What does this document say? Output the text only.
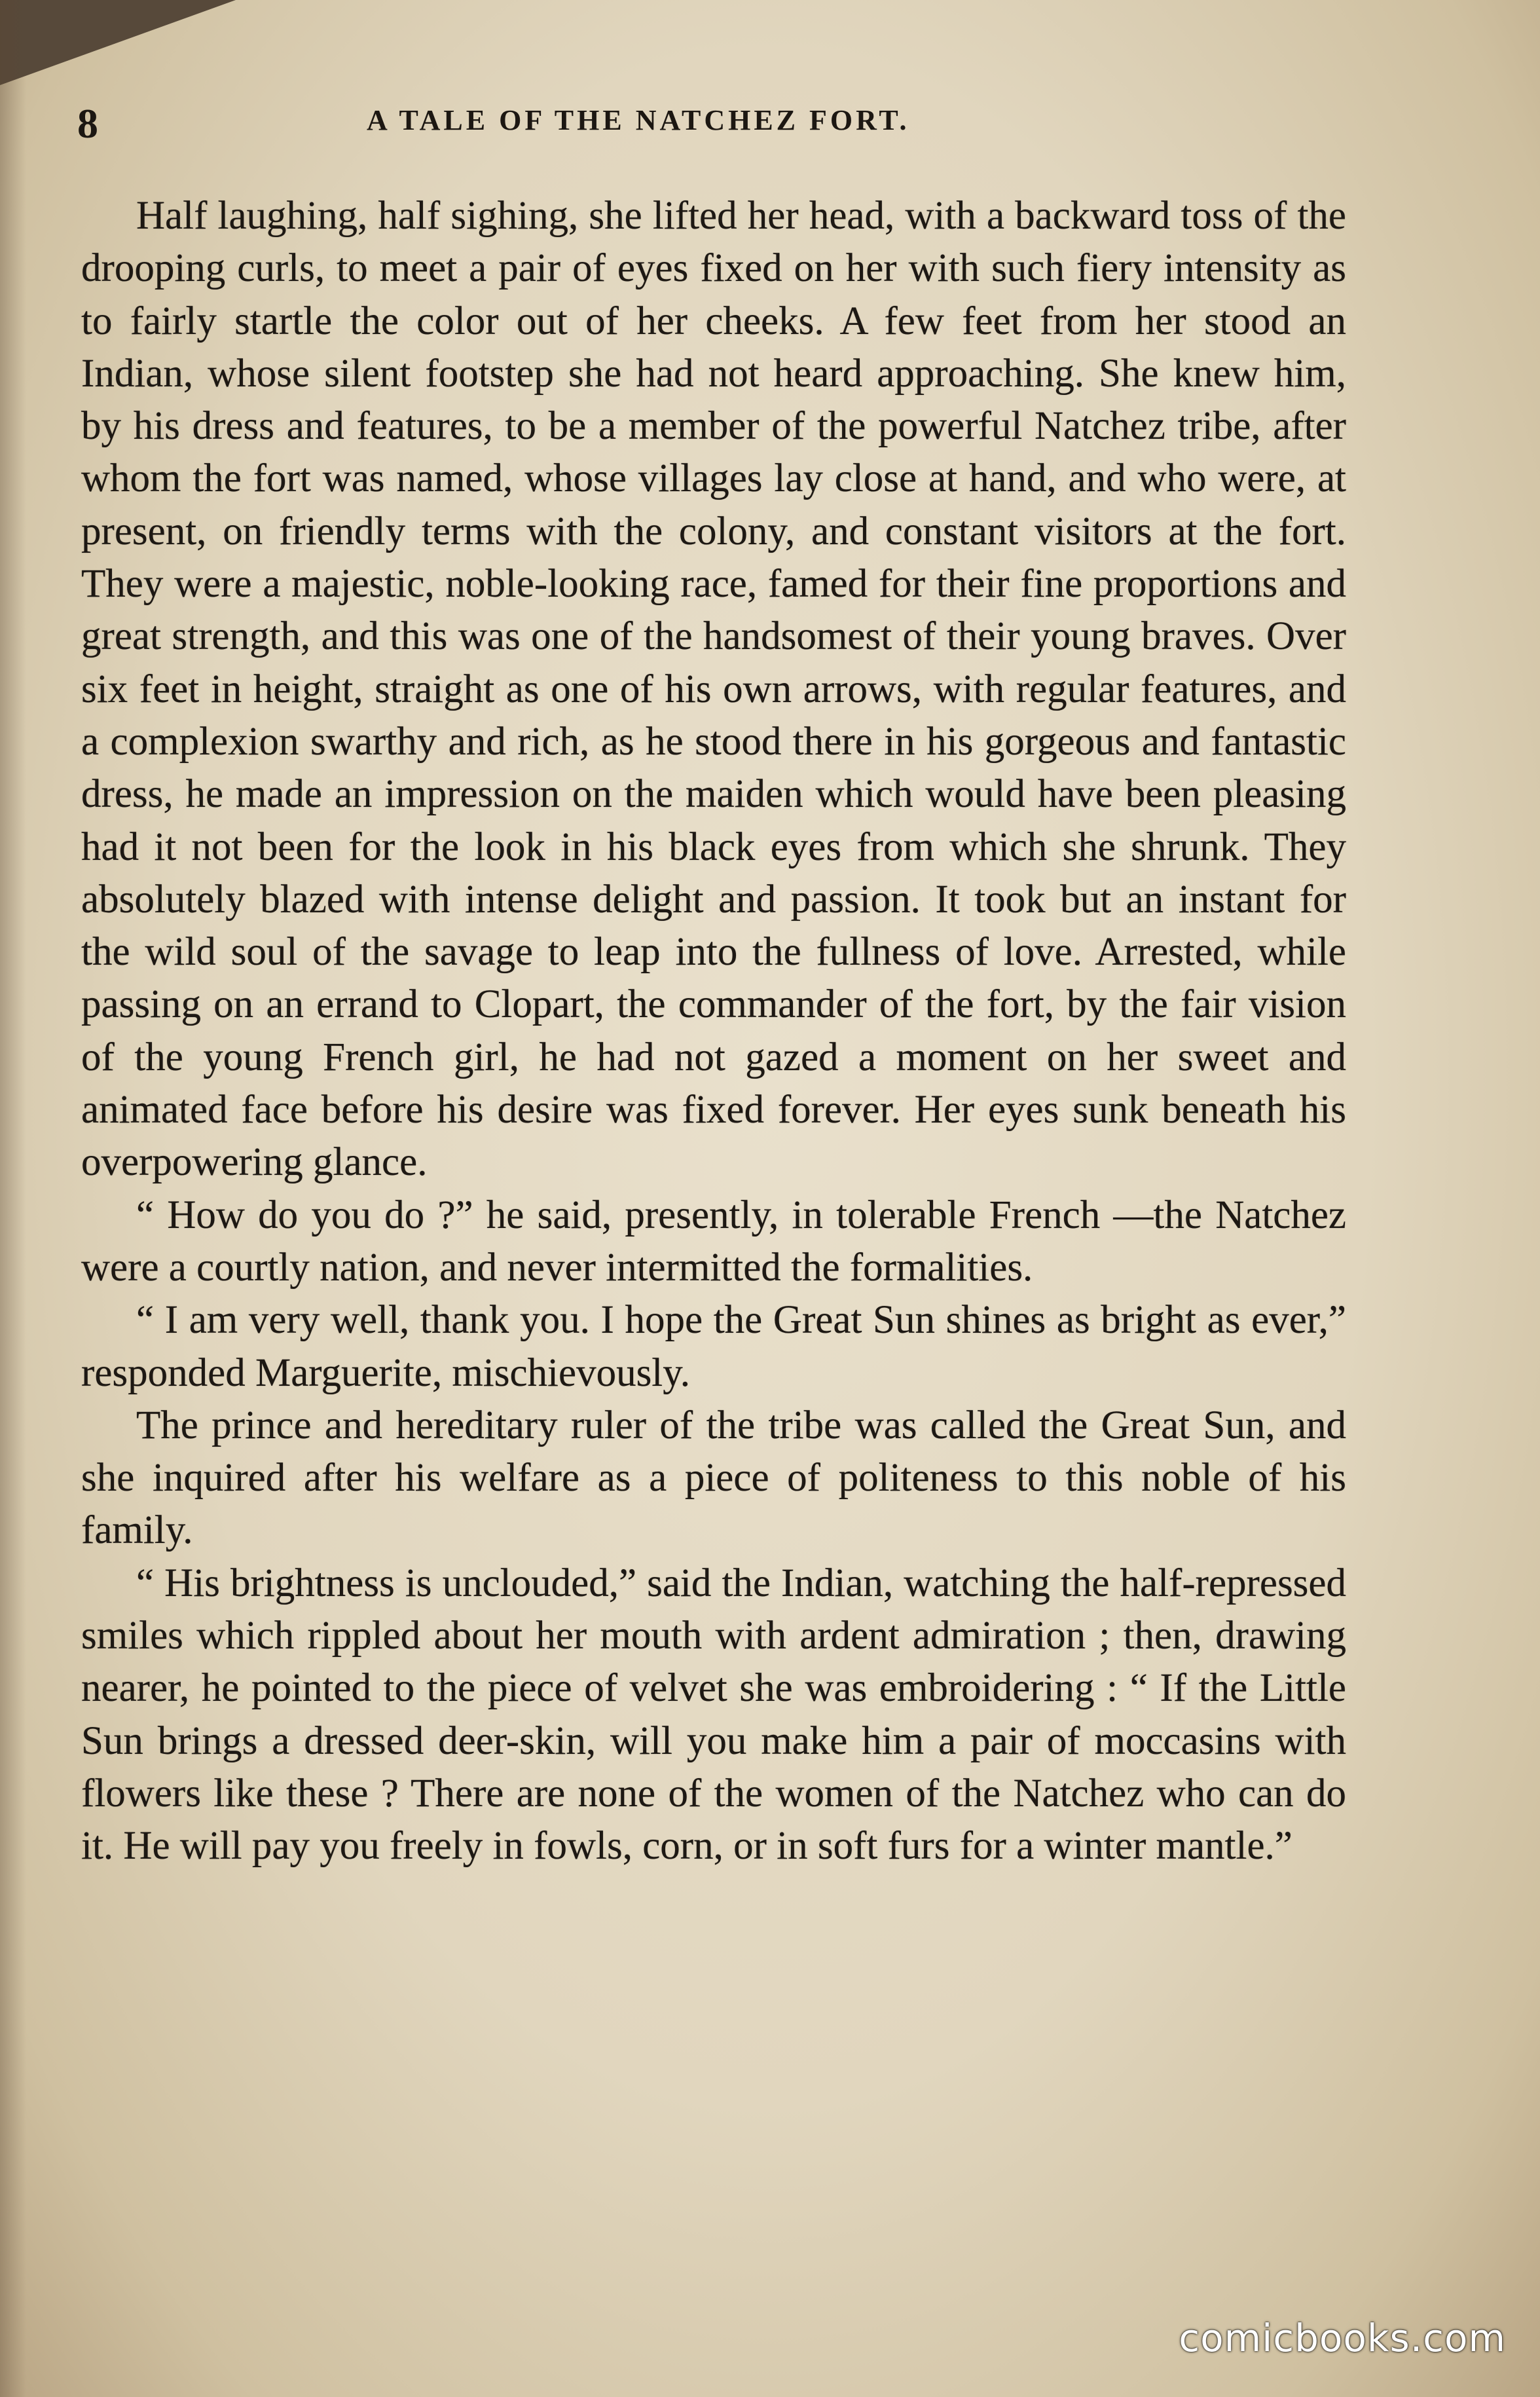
8	A TALE OF THE NATCHEZ FORT.

Half laughing, half sighing, she lifted her head, with a backward toss of the drooping curls, to meet a pair of eyes fixed on her with such fiery intensity as to fairly startle the color out of her cheeks. A few feet from her stood an Indian, whose silent footstep she had not heard approaching. She knew him, by his dress and features, to be a member of the powerful Natchez tribe, after whom the fort was named, whose villages lay close at hand, and who were, at present, on friendly terms with the colony, and constant visitors at the fort. They were a majestic, noble-looking race, famed for their fine proportions and great strength, and this was one of the handsomest of their young braves. Over six feet in height, straight as one of his own arrows, with regular features, and a complexion swarthy and rich, as he stood there in his gorgeous and fantastic dress, he made an impression on the maiden which would have been pleasing had it not been for the look in his black eyes from which she shrunk. They absolutely blazed with intense delight and passion. It took but an instant for the wild soul of the savage to leap into the fullness of love. Arrested, while passing on an errand to Clopart, the commander of the fort, by the fair vision of the young French girl, he had not gazed a moment on her sweet and animated face before his desire was fixed forever. Her eyes sunk beneath his overpowering glance.

“ How do you do ?” he said, presently, in tolerable French —the Natchez were a courtly nation, and never intermitted the formalities.

“ I am very well, thank you. I hope the Great Sun shines as bright as ever,” responded Marguerite, mischievously.

The prince and hereditary ruler of the tribe was called the Great Sun, and she inquired after his welfare as a piece of politeness to this noble of his family.

“ His brightness is unclouded,” said the Indian, watching the half-repressed smiles which rippled about her mouth with ardent admiration ; then, drawing nearer, he pointed to the piece of velvet she was embroidering : “ If the Little Sun brings a dressed deer-skin, will you make him a pair of moccasins with flowers like these ? There are none of the women of the Natchez who can do it. He will pay you freely in fowls, corn, or in soft furs for a winter mantle.”

comicbooks.com
